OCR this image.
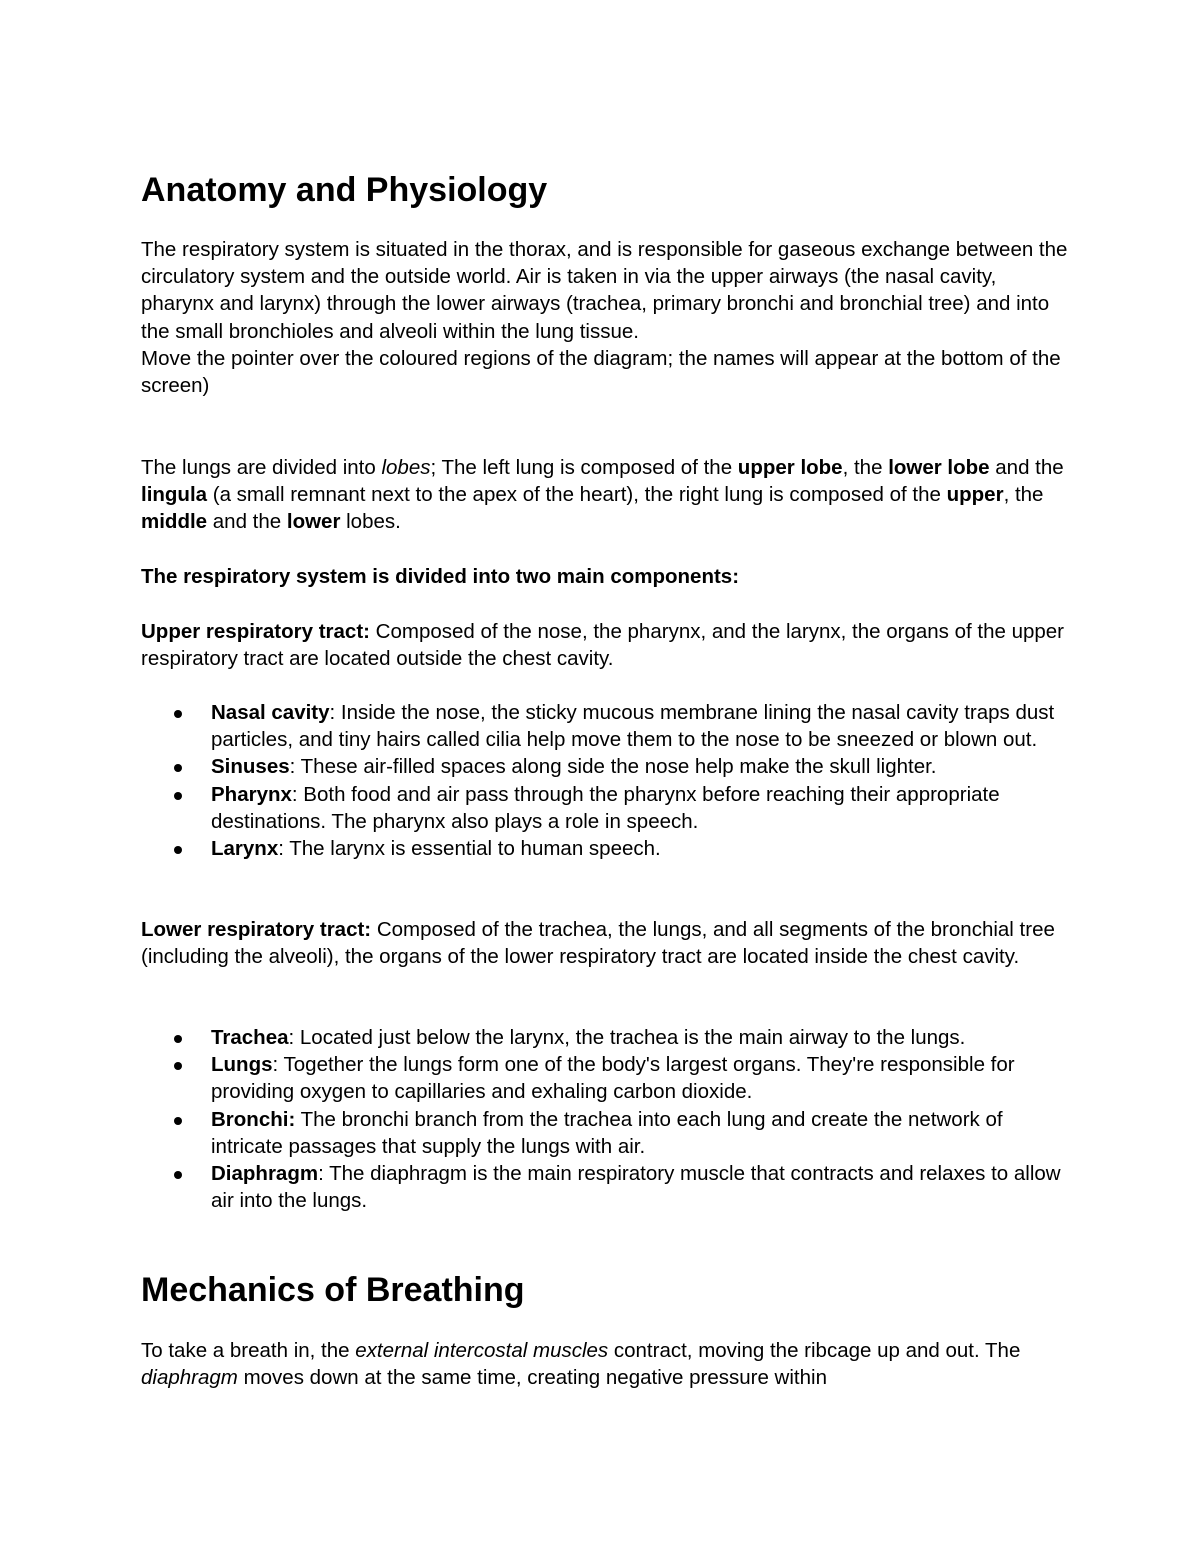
Anatomy and Physiology

The respiratory system is situated in the thorax, and is responsible for gaseous exchange between the circulatory system and the outside world. Air is taken in via the upper airways (the nasal cavity, pharynx and larynx) through the lower airways (trachea, primary bronchi and bronchial tree) and into the small bronchioles and alveoli within the lung tissue.
Move the pointer over the coloured regions of the diagram; the names will appear at the bottom of the screen)

The lungs are divided into lobes; The left lung is composed of the upper lobe, the lower lobe and the lingula (a small remnant next to the apex of the heart), the right lung is composed of the upper, the middle and the lower lobes.

The respiratory system is divided into two main components:

Upper respiratory tract: Composed of the nose, the pharynx, and the larynx, the organs of the upper respiratory tract are located outside the chest cavity.

Nasal cavity: Inside the nose, the sticky mucous membrane lining the nasal cavity traps dust particles, and tiny hairs called cilia help move them to the nose to be sneezed or blown out.
Sinuses: These air-filled spaces along side the nose help make the skull lighter.
Pharynx: Both food and air pass through the pharynx before reaching their appropriate destinations. The pharynx also plays a role in speech.
Larynx: The larynx is essential to human speech.

Lower respiratory tract: Composed of the trachea, the lungs, and all segments of the bronchial tree (including the alveoli), the organs of the lower respiratory tract are located inside the chest cavity.

Trachea: Located just below the larynx, the trachea is the main airway to the lungs.
Lungs: Together the lungs form one of the body's largest organs. They're responsible for providing oxygen to capillaries and exhaling carbon dioxide.
Bronchi: The bronchi branch from the trachea into each lung and create the network of intricate passages that supply the lungs with air.
Diaphragm: The diaphragm is the main respiratory muscle that contracts and relaxes to allow air into the lungs.
Mechanics of Breathing

To take a breath in, the external intercostal muscles contract, moving the ribcage up and out. The diaphragm moves down at the same time, creating negative pressure within
